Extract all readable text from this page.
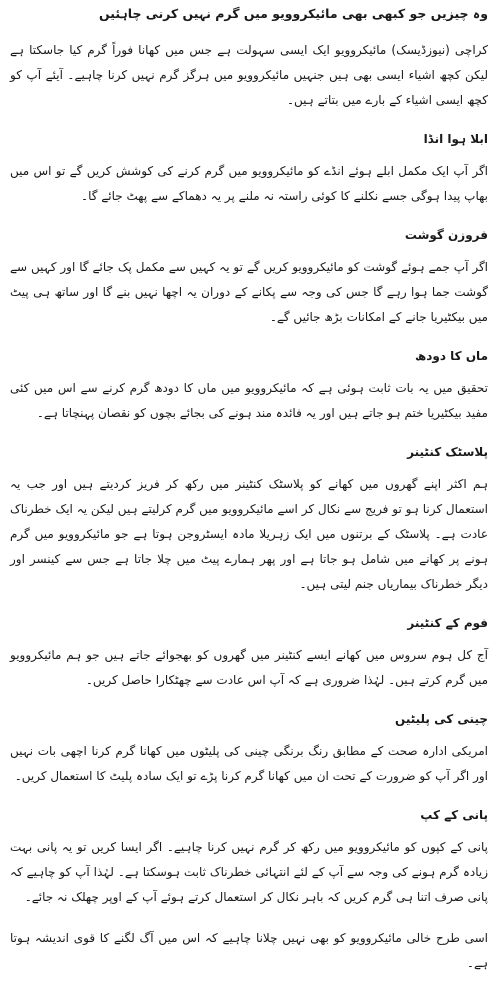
وہ چیزیں جو کبھی بھی مائیکروویو میں گرم نہیں کرنی چاہئیں
کراچی (نیوزڈیسک) مائیکروویو ایک ایسی سہولت ہے جس میں کھانا فوراً گرم کیا جاسکتا ہے لیکن کچھ اشیاء ایسی بھی ہیں جنہیں مائیکروویو میں ہرگز گرم نہیں کرنا چاہیے۔ آیئے آپ کو کچھ ایسی اشیاء کے بارے میں بتاتے ہیں۔
ابلا ہوا انڈا
اگر آپ ایک مکمل ابلے ہوئے انڈے کو مائیکروویو میں گرم کرنے کی کوشش کریں گے تو اس میں بھاپ پیدا ہوگی جسے نکلنے کا کوئی راستہ نہ ملنے پر یہ دھماکے سے پھٹ جائے گا۔
فروزن گوشت
اگر آپ جمے ہوئے گوشت کو مائیکروویو کریں گے تو یہ کہیں سے مکمل پک جائے گا اور کہیں سے گوشت جما ہوا رہے گا جس کی وجہ سے پکانے کے دوران یہ اچھا نہیں بنے گا اور ساتھ ہی پیٹ میں بیکٹیریا جانے کے امکانات بڑھ جائیں گے۔
ماں کا دودھ
تحقیق میں یہ بات ثابت ہوئی ہے کہ مائیکروویو میں ماں کا دودھ گرم کرنے سے اس میں کئی مفید بیکٹیریا ختم ہو جاتے ہیں اور یہ فائدہ مند ہونے کی بجائے بچوں کو نقصان پہنچاتا ہے۔
پلاسٹک کنٹینر
ہم اکثر اپنے گھروں میں کھانے کو پلاسٹک کنٹینر میں رکھ کر فریز کردیتے ہیں اور جب یہ استعمال کرنا ہو تو فریج سے نکال کر اسے مائیکروویو میں گرم کرلیتے ہیں لیکن یہ ایک خطرناک عادت ہے۔ پلاسٹک کے برتنوں میں ایک زہریلا مادہ ایسٹروجن ہوتا ہے جو مائیکروویو میں گرم ہونے پر کھانے میں شامل ہو جاتا ہے اور پھر ہمارے پیٹ میں چلا جاتا ہے جس سے کینسر اور دیگر خطرناک بیماریاں جنم لیتی ہیں۔
فوم کے کنٹینر
آج کل ہوم سروس میں کھانے ایسے کنٹینر میں گھروں کو بھجوائے جاتے ہیں جو ہم مائیکروویو میں گرم کرتے ہیں۔ لہٰذا ضروری ہے کہ آپ اس عادت سے چھٹکارا حاصل کریں۔
چینی کی پلیٹیں
امریکی ادارہ صحت کے مطابق رنگ برنگی چینی کی پلیٹوں میں کھانا گرم کرنا اچھی بات نہیں اور اگر آپ کو ضرورت کے تحت ان میں کھانا گرم کرنا پڑے تو ایک سادہ پلیٹ کا استعمال کریں۔
پانی کے کپ
پانی کے کپوں کو مائیکروویو میں رکھ کر گرم نہیں کرنا چاہیے۔ اگر ایسا کریں تو یہ پانی بہت زیادہ گرم ہونے کی وجہ سے آپ کے لئے انتہائی خطرناک ثابت ہوسکتا ہے۔ لہٰذا آپ کو چاہیے کہ پانی صرف اتنا ہی گرم کریں کہ باہر نکال کر استعمال کرتے ہوئے آپ کے اوپر چھلک نہ جائے۔
اسی طرح خالی مائیکروویو کو بھی نہیں چلانا چاہیے کہ اس میں آگ لگنے کا قوی اندیشہ ہوتا ہے۔
